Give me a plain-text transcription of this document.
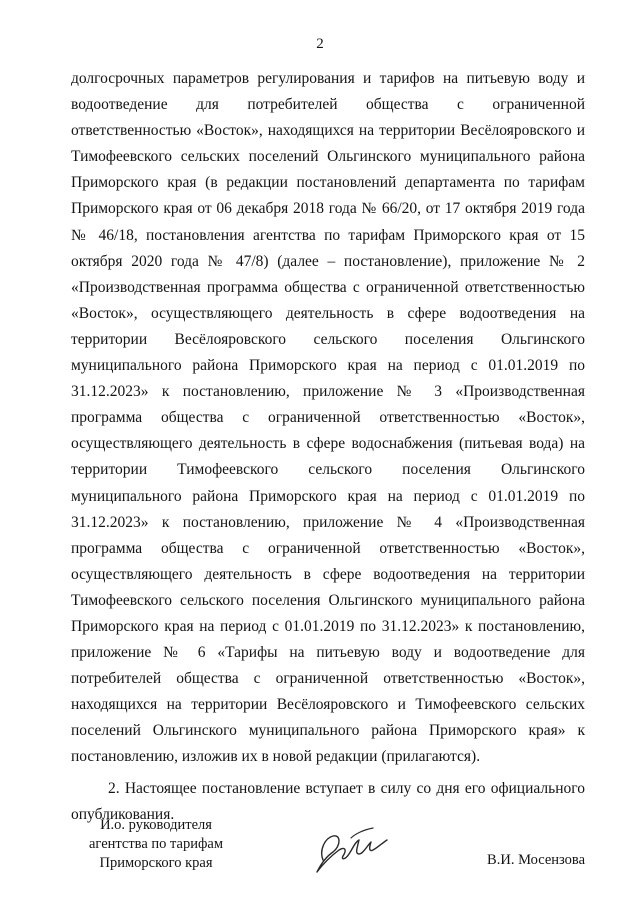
2

долгосрочных параметров регулирования и тарифов на питьевую воду и водоотведение для потребителей общества с ограниченной ответственностью «Восток», находящихся на территории Весёлояровского и Тимофеевского сельских поселений Ольгинского муниципального района Приморского края (в редакции постановлений департамента по тарифам Приморского края от 06 декабря 2018 года № 66/20, от 17 октября 2019 года № 46/18, постановления агентства по тарифам Приморского края от 15 октября 2020 года № 47/8) (далее – постановление), приложение № 2 «Производственная программа общества с ограниченной ответственностью «Восток», осуществляющего деятельность в сфере водоотведения на территории Весёлояровского сельского поселения Ольгинского муниципального района Приморского края на период с 01.01.2019 по 31.12.2023» к постановлению, приложение № 3 «Производственная программа общества с ограниченной ответственностью «Восток», осуществляющего деятельность в сфере водоснабжения (питьевая вода) на территории Тимофеевского сельского поселения Ольгинского муниципального района Приморского края на период с 01.01.2019 по 31.12.2023» к постановлению, приложение № 4 «Производственная программа общества с ограниченной ответственностью «Восток», осуществляющего деятельность в сфере водоотведения на территории Тимофеевского сельского поселения Ольгинского муниципального района Приморского края на период с 01.01.2019 по 31.12.2023» к постановлению, приложение № 6 «Тарифы на питьевую воду и водоотведение для потребителей общества с ограниченной ответственностью «Восток», находящихся на территории Весёлояровского и Тимофеевского сельских поселений Ольгинского муниципального района Приморского края» к постановлению, изложив их в новой редакции (прилагаются).

2. Настоящее постановление вступает в силу со дня его официального опубликования.

И.о. руководителя
агентства по тарифам
Приморского края	В.И. Мосензова
